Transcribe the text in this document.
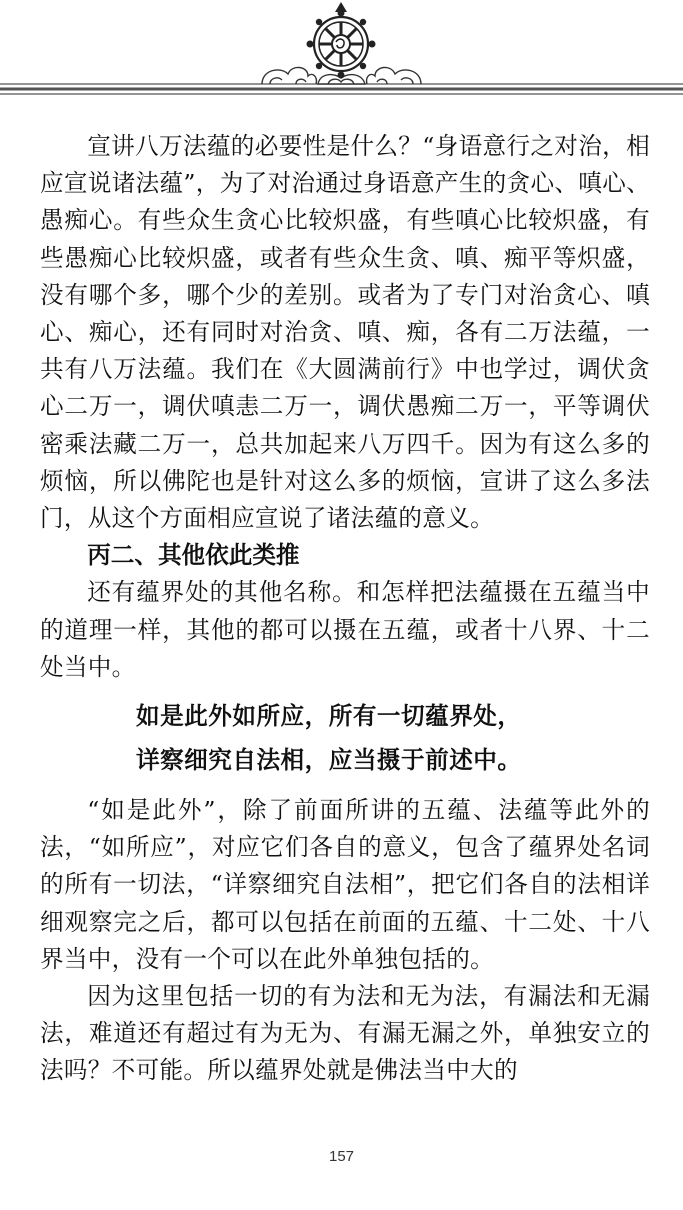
宣讲八万法蕴的必要性是什么？“身语意行之对治，相应宣说诸法蕴”，为了对治通过身语意产生的贪心、嗔心、愚痴心。有些众生贪心比较炽盛，有些嗔心比较炽盛，有些愚痴心比较炽盛，或者有些众生贪、嗔、痴平等炽盛，没有哪个多，哪个少的差别。或者为了专门对治贪心、嗔心、痴心，还有同时对治贪、嗔、痴，各有二万法蕴，一共有八万法蕴。我们在《大圆满前行》中也学过，调伏贪心二万一，调伏嗔恚二万一，调伏愚痴二万一，平等调伏密乘法藏二万一，总共加起来八万四千。因为有这么多的烦恼，所以佛陀也是针对这么多的烦恼，宣讲了这么多法门，从这个方面相应宣说了诸法蕴的意义。

丙二、其他依此类推

还有蕴界处的其他名称。和怎样把法蕴摄在五蕴当中的道理一样，其他的都可以摄在五蕴，或者十八界、十二处当中。

如是此外如所应，所有一切蕴界处，
详察细究自法相，应当摄于前述中。

“如是此外”，除了前面所讲的五蕴、法蕴等此外的法，“如所应”，对应它们各自的意义，包含了蕴界处名词的所有一切法，“详察细究自法相”，把它们各自的法相详细观察完之后，都可以包括在前面的五蕴、十二处、十八界当中，没有一个可以在此外单独包括的。

因为这里包括一切的有为法和无为法，有漏法和无漏法，难道还有超过有为无为、有漏无漏之外，单独安立的法吗？不可能。所以蕴界处就是佛法当中大的

157
